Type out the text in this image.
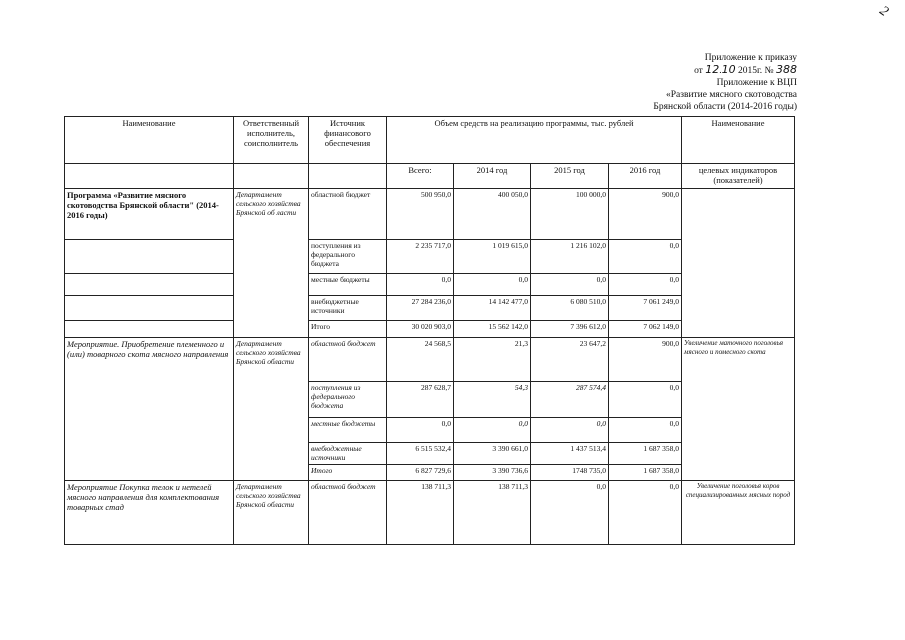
2
Приложение к приказу
от 12.10 2015г. № 388
Приложение к ВЦП
«Развитие мясного скотоводства
Брянской области (2014-2016 годы)
Наименование	Ответственный исполнитель, соисполнитель	Источник финансового обеспечения	Объем средств на реализацию программы, тыс. рублей				Наименование
			Всего:	2014 год	2015 год	2016 год	целевых индикаторов (показателей)
Программа «Развитие мясного скотоводства Брянской области" (2014-2016 годы)	Департамент сельского хозяйства Брянской об ласти	областной бюджет	500 950,0	400 050,0	100 000,0	900,0	
		поступления из федерального бюджета	2 235 717,0	1 019 615,0	1 216 102,0	0,0	
		местные бюджеты	0,0	0,0	0,0	0,0	
		внебюджетные источники	27 284 236,0	14 142 477,0	6 080 510,0	7 061 249,0	
		Итого	30 020 903,0	15 562 142,0	7 396 612,0	7 062 149,0	
Мероприятие. Приобретение племенного и (или) товарного скота мясного направления	Департамент сельского хозяйства Брянской области	областной бюджет	24 568,5	21,3	23 647,2	900,0	Увеличение маточного поголовья мясного и помесного скота
		поступления из федерального бюджета	287 628,7	54,3	287 574,4	0,0	
		местные бюджеты	0,0	0,0	0,0	0,0	
		внебюджетные источники	6 515 532,4	3 390 661,0	1 437 513,4	1 687 358,0	
		Итого	6 827 729,6	3 390 736,6	1748 735,0	1 687 358,0	
Мероприятие Покупка телок и нетелей мясного направления для комплектования товарных стад	Департамент сельского хозяйства Брянской области	областной бюджет	138 711,3	138 711,3	0,0	0,0	Увеличение поголовья коров специализированных мясных пород
